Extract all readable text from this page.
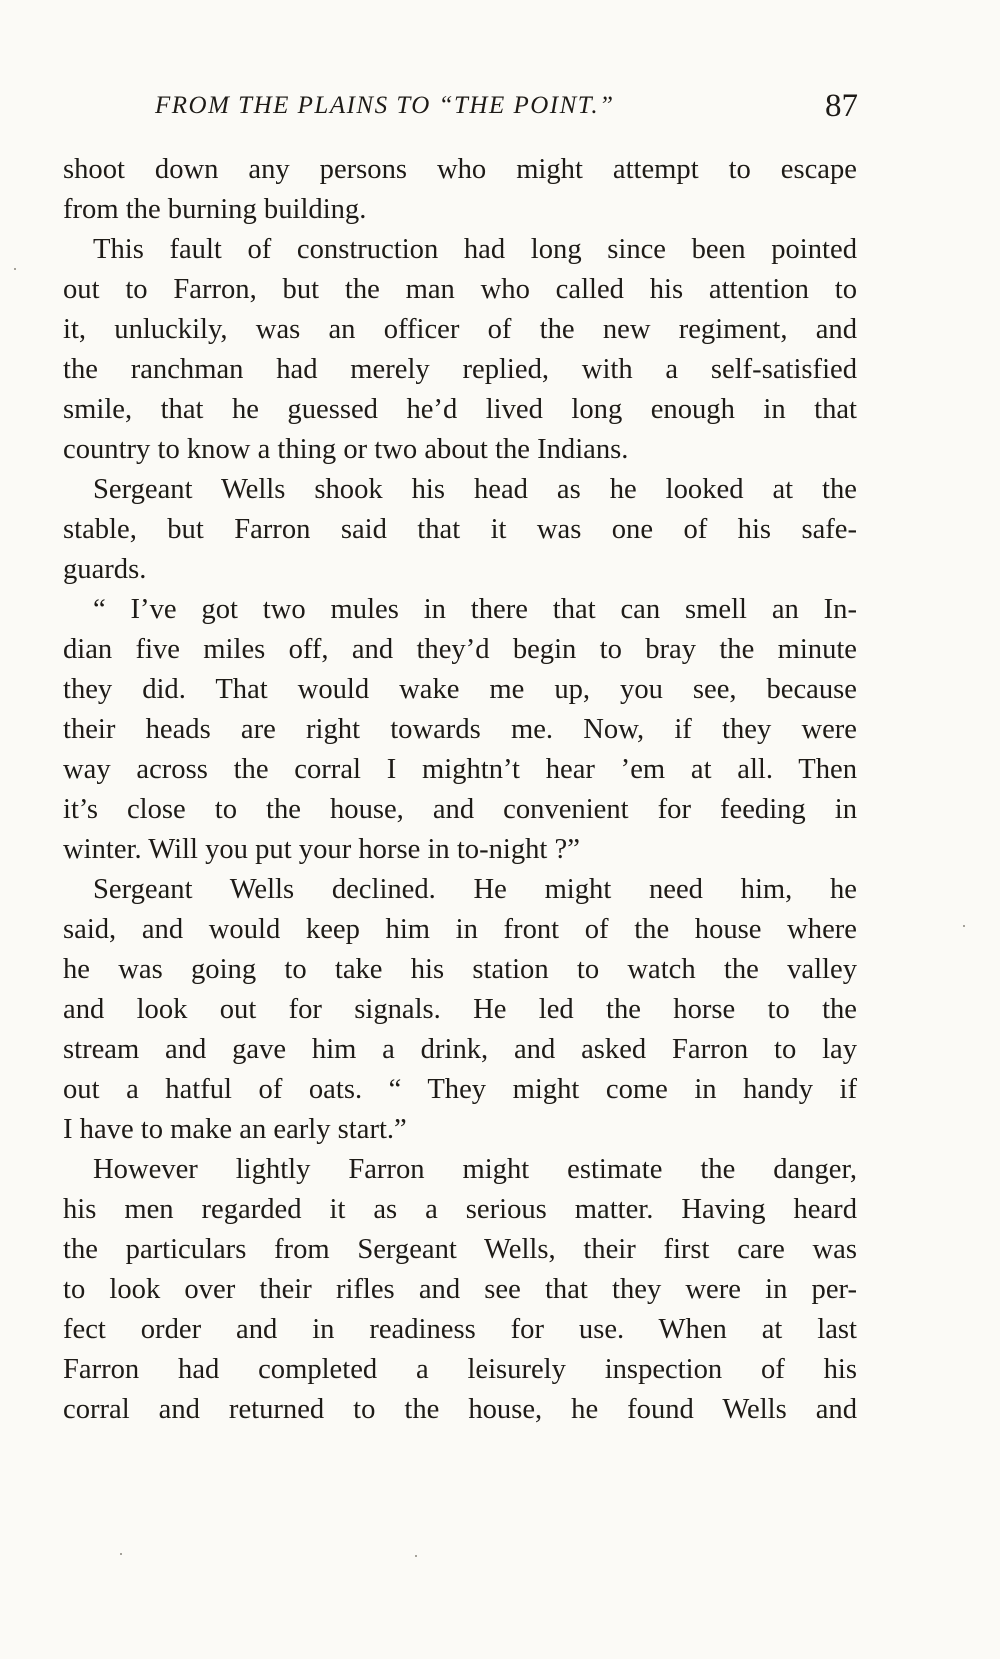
FROM THE PLAINS TO “THE POINT.”	87
shoot down any persons who might attempt to escape
from the burning building.
This fault of construction had long since been pointed
out to Farron, but the man who called his attention to
it, unluckily, was an officer of the new regiment, and
the ranchman had merely replied, with a self-satisfied
smile, that he guessed he’d lived long enough in that
country to know a thing or two about the Indians.
Sergeant Wells shook his head as he looked at the
stable, but Farron said that it was one of his safe-
guards.
“ I’ve got two mules in there that can smell an In-
dian five miles off, and they’d begin to bray the minute
they did. That would wake me up, you see, because
their heads are right towards me. Now, if they were
way across the corral I mightn’t hear ’em at all. Then
it’s close to the house, and convenient for feeding in
winter. Will you put your horse in to-night ?”
Sergeant Wells declined. He might need him, he
said, and would keep him in front of the house where
he was going to take his station to watch the valley
and look out for signals. He led the horse to the
stream and gave him a drink, and asked Farron to lay
out a hatful of oats. “ They might come in handy if
I have to make an early start.”
However lightly Farron might estimate the danger,
his men regarded it as a serious matter. Having heard
the particulars from Sergeant Wells, their first care was
to look over their rifles and see that they were in per-
fect order and in readiness for use. When at last
Farron had completed a leisurely inspection of his
corral and returned to the house, he found Wells and
